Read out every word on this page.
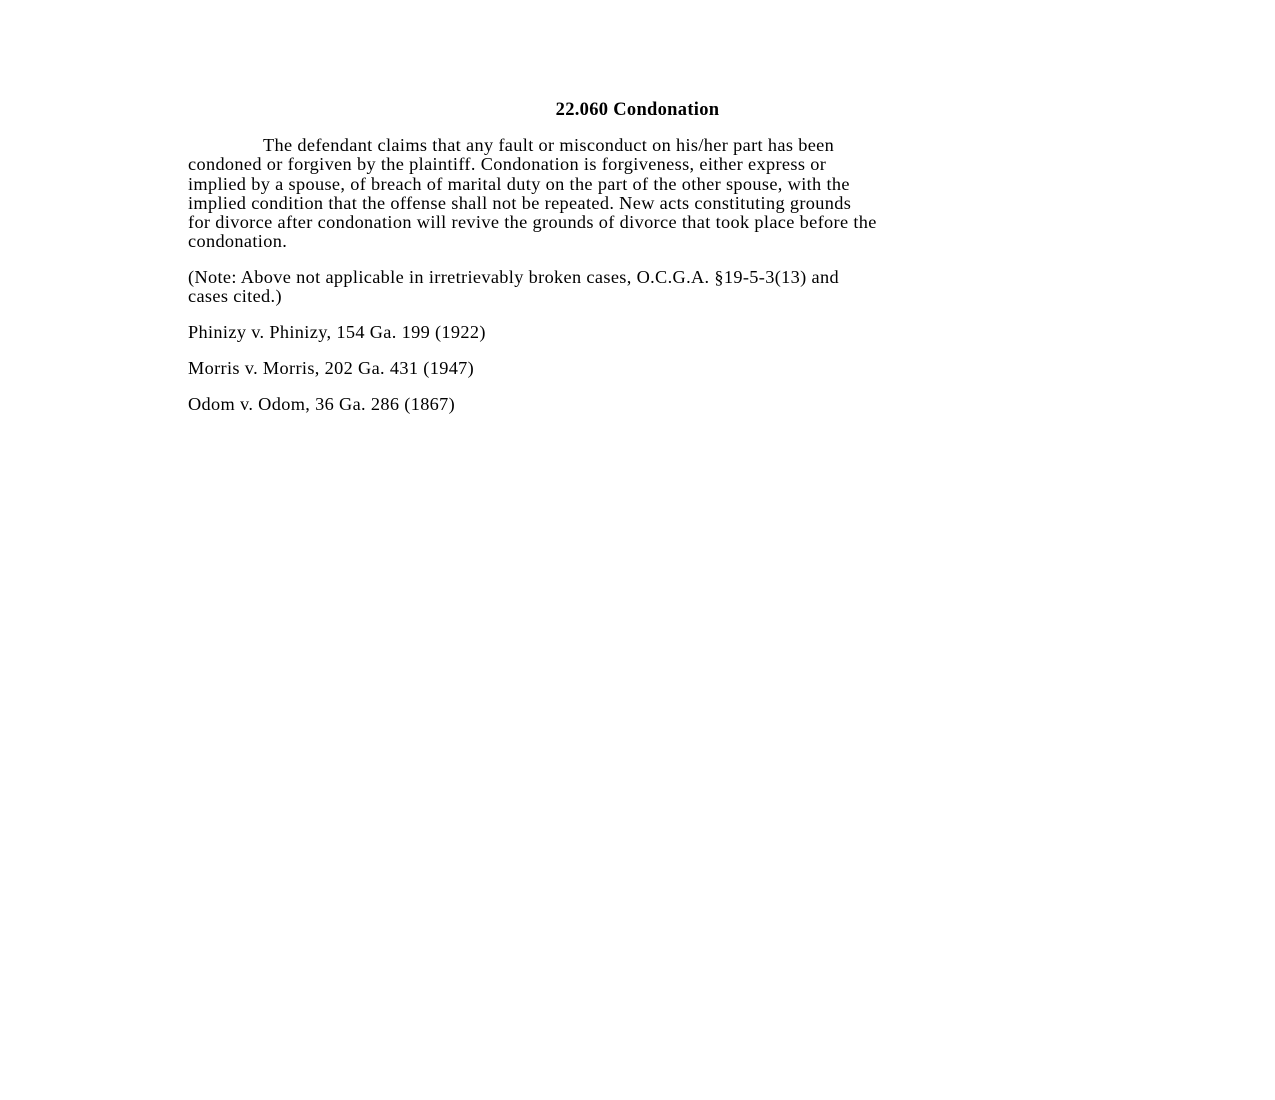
22.060 Condonation
The defendant claims that any fault or misconduct on his/her part has been
condoned or forgiven by the plaintiff. Condonation is forgiveness, either express or
implied by a spouse, of breach of marital duty on the part of the other spouse, with the
implied condition that the offense shall not be repeated. New acts constituting grounds
for divorce after condonation will revive the grounds of divorce that took place before the
condonation.
(Note: Above not applicable in irretrievably broken cases, O.C.G.A. §19-5-3(13) and
cases cited.)
Phinizy v. Phinizy, 154 Ga. 199 (1922)
Morris v. Morris, 202 Ga. 431 (1947)
Odom v. Odom, 36 Ga. 286 (1867)
